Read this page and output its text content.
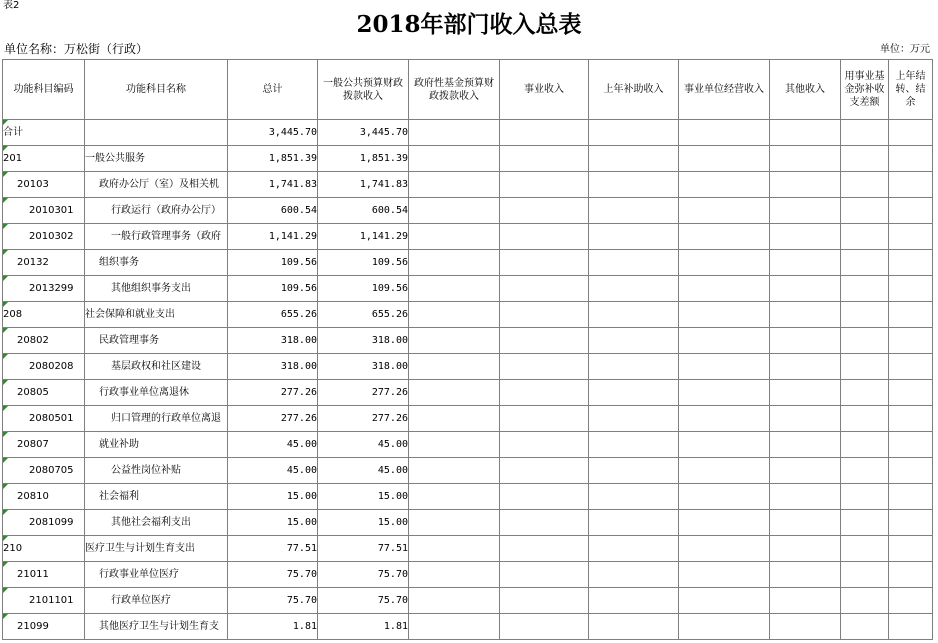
表2
2018年部门收入总表
单位名称：万松街（行政）	单位：万元
功能科目编码	功能科目名称	总计	一般公共预算财政拨款收入	政府性基金预算财政拨款收入	事业收入	上年补助收入	事业单位经营收入	其他收入	用事业基金弥补收支差额	上年结转、结余
合计		3,445.70	3,445.70							
201	一般公共服务	1,851.39	1,851.39							
20103	政府办公厅（室）及相关机	1,741.83	1,741.83							
2010301	行政运行（政府办公厅）	600.54	600.54							
2010302	一般行政管理事务（政府	1,141.29	1,141.29							
20132	组织事务	109.56	109.56							
2013299	其他组织事务支出	109.56	109.56							
208	社会保障和就业支出	655.26	655.26							
20802	民政管理事务	318.00	318.00							
2080208	基层政权和社区建设	318.00	318.00							
20805	行政事业单位离退休	277.26	277.26							
2080501	归口管理的行政单位离退	277.26	277.26							
20807	就业补助	45.00	45.00							
2080705	公益性岗位补贴	45.00	45.00							
20810	社会福利	15.00	15.00							
2081099	其他社会福利支出	15.00	15.00							
210	医疗卫生与计划生育支出	77.51	77.51							
21011	行政事业单位医疗	75.70	75.70							
2101101	行政单位医疗	75.70	75.70							
21099	其他医疗卫生与计划生育支	1.81	1.81							
